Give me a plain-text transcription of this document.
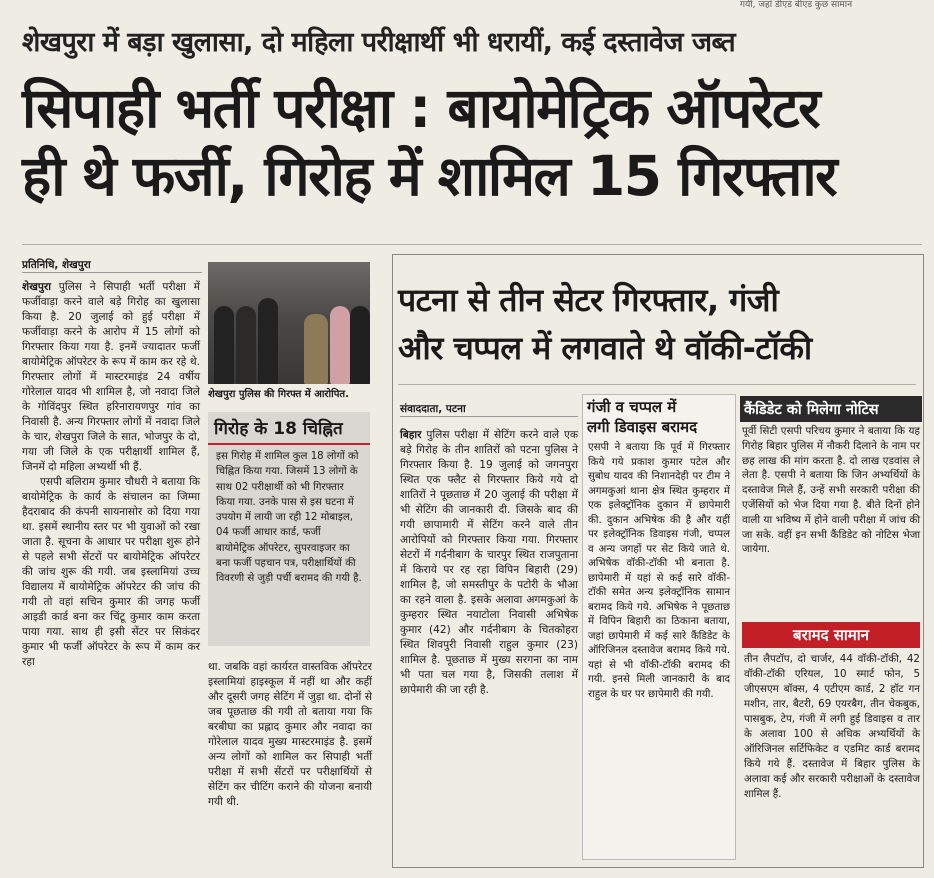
गयी, जहां डीएड बीएड कुछ सामान
शेखपुरा में बड़ा खुलासा, दो महिला परीक्षार्थी भी धरायीं, कई दस्तावेज जब्त
सिपाही भर्ती परीक्षा : बायोमेट्रिक ऑपरेटर
ही थे फर्जी, गिरोह में शामिल 15 गिरफ्तार
प्रतिनिधि, शेखपुरा

शेखपुरा पुलिस ने सिपाही भर्ती परीक्षा में फर्जीवाड़ा करने वाले बड़े गिरोह का खुलासा किया है. 20 जुलाई को हुई परीक्षा में फर्जीवाड़ा करने के आरोप में 15 लोगों को गिरफ्तार किया गया है. इनमें ज्यादातर फर्जी बायोमेट्रिक ऑपरेटर के रूप में काम कर रहे थे. गिरफ्तार लोगों में मास्टरमाइंड 24 वर्षीय गोरेलाल यादव भी शामिल है, जो नवादा जिले के गोविंदपुर स्थित हरिनारायणपुर गांव का निवासी है. अन्य गिरफ्तार लोगों में नवादा जिले के चार, शेखपुरा जिले के सात, भोजपुर के दो, गया जी जिले के एक परीक्षार्थी शामिल हैं, जिनमें दो महिला अभ्यर्थी भी हैं.

एसपी बलिराम कुमार चौधरी ने बताया कि बायोमेट्रिक के कार्य के संचालन का जिम्मा हैदराबाद की कंपनी सायनासोर को दिया गया था. इसमें स्थानीय स्तर पर भी युवाओं को रखा जाता है. सूचना के आधार पर परीक्षा शुरू होने से पहले सभी सेंटरों पर बायोमेट्रिक ऑपरेटर की जांच शुरू की गयी. जब इस्लामियां उच्च विद्यालय में बायोमेट्रिक ऑपरेटर की जांच की गयी तो वहां सचिन कुमार की जगह फर्जी आइडी कार्ड बना कर चिंटू कुमार काम करता पाया गया. साथ ही इसी सेंटर पर सिकंदर कुमार भी फर्जी ऑपरेटर के रूप में काम कर रहा

शेखपुरा पुलिस की गिरफ्त में आरोपित.
गिरोह के 18 चिह्नित

इस गिरोह में शामिल कुल 18 लोगों को चिह्नित किया गया. जिसमें 13 लोगों के साथ 02 परीक्षार्थी को भी गिरफ्तार किया गया. उनके पास से इस घटना में उपयोग में लायी जा रही 12 मोबाइल, 04 फर्जी आधार कार्ड, फर्जी बायोमेट्रिक ऑपरेटर, सुपरवाइजर का बना फर्जी पहचान पत्र, परीक्षार्थियों की विवरणी से जुड़ी पर्ची बरामद की गयी है.

था. जबकि वहां कार्यरत वास्तविक ऑपरेटर इस्लामियां हाइस्कूल में नहीं था और कहीं और दूसरी जगह सेटिंग में जुड़ा था. दोनों से जब पूछताछ की गयी तो बताया गया कि बरबीघा का प्रह्लाद कुमार और नवादा का गोरेलाल यादव मुख्य मास्टरमाइंड है. इसमें अन्य लोगों को शामिल कर सिपाही भर्ती परीक्षा में सभी सेंटरों पर परीक्षार्थियों से सेटिंग कर चीटिंग कराने की योजना बनायी गयी थी.

पटना से तीन सेटर गिरफ्तार, गंजी
और चप्पल में लगवाते थे वॉकी-टॉकी
संवाददाता, पटना

बिहार पुलिस परीक्षा में सेटिंग करने वाले एक बड़े गिरोह के तीन शातिरों को पटना पुलिस ने गिरफ्तार किया है. 19 जुलाई को जगनपुरा स्थित एक फ्लैट से गिरफ्तार किये गये दो शातिरों ने पूछताछ में 20 जुलाई की परीक्षा में भी सेटिंग की जानकारी दी. जिसके बाद की गयी छापामारी में सेटिंग करने वाले तीन आरोपियों को गिरफ्तार किया गया. गिरफ्तार सेटरों में गर्दनीबाग के चारपुर स्थित राजपुताना में किराये पर रह रहा विपिन बिहारी (29) शामिल है, जो समस्तीपुर के पटोरी के भौआ का रहने वाला है. इसके अलावा अगमकुआं के कुम्हरार स्थित नयाटोला निवासी अभिषेक कुमार (42) और गर्दनीबाग के चितकोहरा स्थित शिवपुरी निवासी राहुल कुमार (23) शामिल है. पूछताछ में मुख्य सरगना का नाम भी पता चल गया है, जिसकी तलाश में छापेमारी की जा रही है.

गंजी व चप्पल में
लगी डिवाइस बरामद

एसपी ने बताया कि पूर्व में गिरफ्तार किये गये प्रकाश कुमार पटेल और सुबोध यादव की निशानदेही पर टीम ने अगमकुआं थाना क्षेत्र स्थित कुम्हरार में एक इलेक्ट्रॉनिक दुकान में छापेमारी की. दुकान अभिषेक की है और यहीं पर इलेक्ट्रॉनिक डिवाइस गंजी, चप्पल व अन्य जगहों पर सेट किये जाते थे. अभिषेक वॉकी-टॉकी भी बनाता है. छापेमारी में यहां से कई सारे वॉकी-टॉकी समेत अन्य इलेक्ट्रॉनिक सामान बरामद किये गये. अभिषेक ने पूछताछ में विपिन बिहारी का ठिकाना बताया, जहां छापेमारी में कई सारे कैंडिडेट के ऑरिजिनल दस्तावेज बरामद किये गये. यहां से भी वॉकी-टॉकी बरामद की गयी. इनसे मिली जानकारी के बाद राहुल के घर पर छापेमारी की गयी.

कैंडिडेट को मिलेगा नोटिस

पूर्वी सिटी एसपी परिचय कुमार ने बताया कि यह गिरोह बिहार पुलिस में नौकरी दिलाने के नाम पर छह लाख की मांग करता है. दो लाख एडवांस ले लेता है. एसपी ने बताया कि जिन अभ्यर्थियों के दस्तावेज मिले हैं, उन्हें सभी सरकारी परीक्षा की एजेंसियों को भेज दिया गया है. बीते दिनों होने वाली या भविष्य में होने वाली परीक्षा में जांच की जा सके. वहीं इन सभी कैंडिडेट को नोटिस भेजा जायेगा.

बरामद सामान

तीन लैपटॉप, दो चार्जर, 44 वॉकी-टॉकी, 42 वॉकी-टॉकी एरियल, 10 स्मार्ट फोन, 5 जीएसएम बॉक्स, 4 एटीएम कार्ड, 2 हॉट गन मशीन, तार, बैटरी, 69 एयरबैग, तीन चेकबुक, पासबुक, टेप, गंजी में लगी हुई डिवाइस व तार के अलावा 100 से अधिक अभ्यर्थियों के ऑरिजिनल सर्टिफिकेट व एडमिट कार्ड बरामद किये गये हैं. दस्तावेज में बिहार पुलिस के अलावा कई और सरकारी परीक्षाओं के दस्तावेज शामिल हैं.
